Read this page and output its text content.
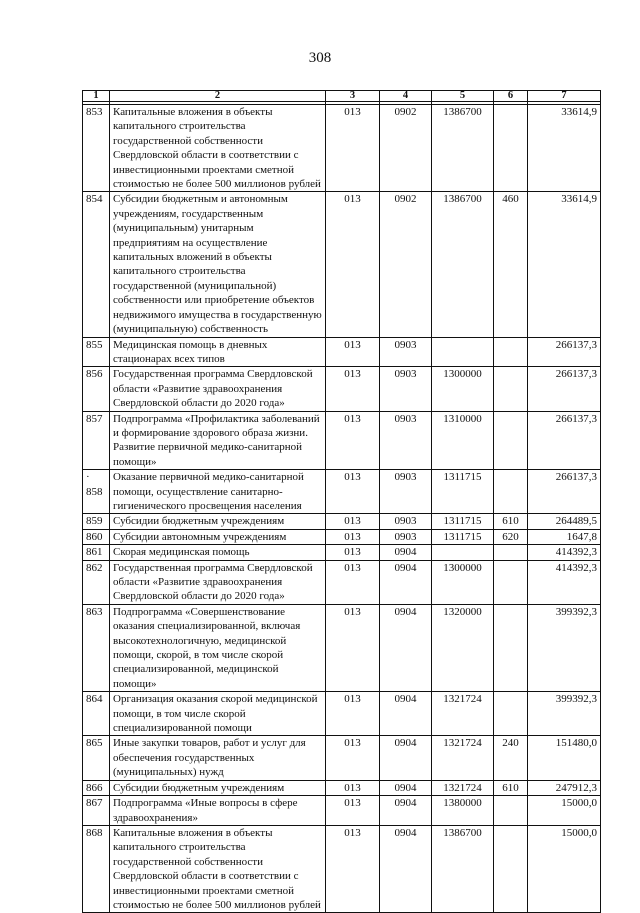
308
1	2	3	4	5	6	7

853	Капитальные вложения в объекты капитального строительства государственной собственности Свердловской области в соответствии с инвестиционными проектами сметной стоимостью не более 500 миллионов рублей	013	0902	1386700		33614,9
854	Субсидии бюджетным и автономным учреждениям, государственным (муниципальным) унитарным предприятиям на осуществление капитальных вложений в объекты капитального строительства государственной (муниципальной) собственности или приобретение объектов недвижимого имущества в государственную (муниципальную) собственность	013	0902	1386700	460	33614,9
855	Медицинская помощь в дневных стационарах всех типов	013	0903			266137,3
856	Государственная программа Свердловской области «Развитие здравоохранения Свердловской области до 2020 года»	013	0903	1300000		266137,3
857	Подпрограмма «Профилактика заболеваний и формирование здорового образа жизни. Развитие первичной медико-санитарной помощи»	013	0903	1310000		266137,3
· 858	Оказание первичной медико-санитарной помощи, осуществление санитарно-гигиенического просвещения населения	013	0903	1311715		266137,3
859	Субсидии бюджетным учреждениям	013	0903	1311715	610	264489,5
860	Субсидии автономным учреждениям	013	0903	1311715	620	1647,8
861	Скорая медицинская помощь	013	0904			414392,3
862	Государственная программа Свердловской области «Развитие здравоохранения Свердловской области до 2020 года»	013	0904	1300000		414392,3
863	Подпрограмма «Совершенствование оказания специализированной, включая высокотехнологичную, медицинской помощи, скорой, в том числе скорой специализированной, медицинской помощи»	013	0904	1320000		399392,3
864	Организация оказания скорой медицинской помощи, в том числе скорой специализированной помощи	013	0904	1321724		399392,3
865	Иные закупки товаров, работ и услуг для обеспечения государственных (муниципальных) нужд	013	0904	1321724	240	151480,0
866	Субсидии бюджетным учреждениям	013	0904	1321724	610	247912,3
867	Подпрограмма «Иные вопросы в сфере здравоохранения»	013	0904	1380000		15000,0
868	Капитальные вложения в объекты капитального строительства государственной собственности Свердловской области в соответствии с инвестиционными проектами сметной стоимостью не более 500 миллионов рублей	013	0904	1386700		15000,0
